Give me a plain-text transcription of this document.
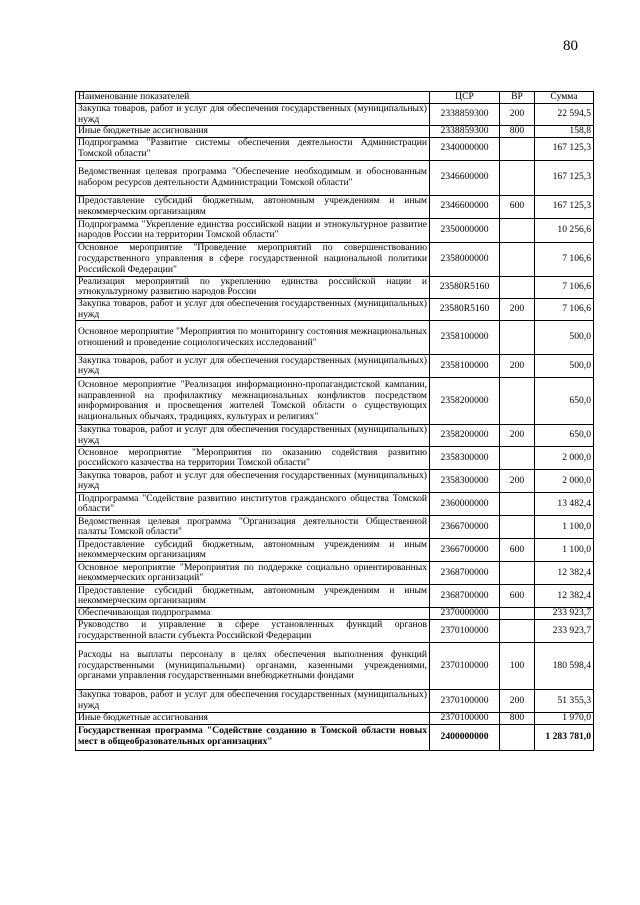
80
Наименование показателей	ЦСР	ВР	Сумма
Закупка товаров, работ и услуг для обеспечения государственных (муниципальных) нужд	2338859300	200	22 594,5
Иные бюджетные ассигнования	2338859300	800	158,8
Подпрограмма "Развитие системы обеспечения деятельности Администрации Томской области"	2340000000		167 125,3
Ведомственная целевая программа "Обеспечение необходимым и обоснованным набором ресурсов деятельности Администрации Томской области"	2346600000		167 125,3
Предоставление субсидий бюджетным, автономным учреждениям и иным некоммерческим организациям	2346600000	600	167 125,3
Подпрограмма "Укрепление единства российской нации и этнокультурное развитие народов России на территории Томской области"	2350000000		10 256,6
Основное мероприятие "Проведение мероприятий по совершенствованию государственного управления в сфере государственной национальной политики Российской Федерации"	2358000000		7 106,6
Реализация мероприятий по укреплению единства российской нации и этнокультурному развитию народов России	23580R5160		7 106,6
Закупка товаров, работ и услуг для обеспечения государственных (муниципальных) нужд	23580R5160	200	7 106,6
Основное мероприятие "Мероприятия по мониторингу состояния межнациональных отношений и проведение социологических исследований"	2358100000		500,0
Закупка товаров, работ и услуг для обеспечения государственных (муниципальных) нужд	2358100000	200	500,0
Основное мероприятие "Реализация информационно-пропагандистской кампании, направленной на профилактику межнациональных конфликтов посредством информирования и просвещения жителей Томской области о существующих национальных обычаях, традициях, культурах и религиях"	2358200000		650,0
Закупка товаров, работ и услуг для обеспечения государственных (муниципальных) нужд	2358200000	200	650,0
Основное мероприятие "Мероприятия по оказанию содействия развитию российского казачества на территории Томской области"	2358300000		2 000,0
Закупка товаров, работ и услуг для обеспечения государственных (муниципальных) нужд	2358300000	200	2 000,0
Подпрограмма "Содействие развитию институтов гражданского общества Томской области"	2360000000		13 482,4
Ведомственная целевая программа "Организация деятельности Общественной палаты Томской области"	2366700000		1 100,0
Предоставление субсидий бюджетным, автономным учреждениям и иным некоммерческим организациям	2366700000	600	1 100,0
Основное мероприятие "Мероприятия по поддержке социально ориентированных некоммерческих организаций"	2368700000		12 382,4
Предоставление субсидий бюджетным, автономным учреждениям и иным некоммерческим организациям	2368700000	600	12 382,4
Обеспечивающая подпрограмма	2370000000		233 923,7
Руководство и управление в сфере установленных функций органов государственной власти субъекта Российской Федерации	2370100000		233 923,7
Расходы на выплаты персоналу в целях обеспечения выполнения функций государственными (муниципальными) органами, казенными учреждениями, органами управления государственными внебюджетными фондами	2370100000	100	180 598,4
Закупка товаров, работ и услуг для обеспечения государственных (муниципальных) нужд	2370100000	200	51 355,3
Иные бюджетные ассигнования	2370100000	800	1 970,0
Государственная программа "Содействие созданию в Томской области новых мест в общеобразовательных организациях"	2400000000		1 283 781,0
